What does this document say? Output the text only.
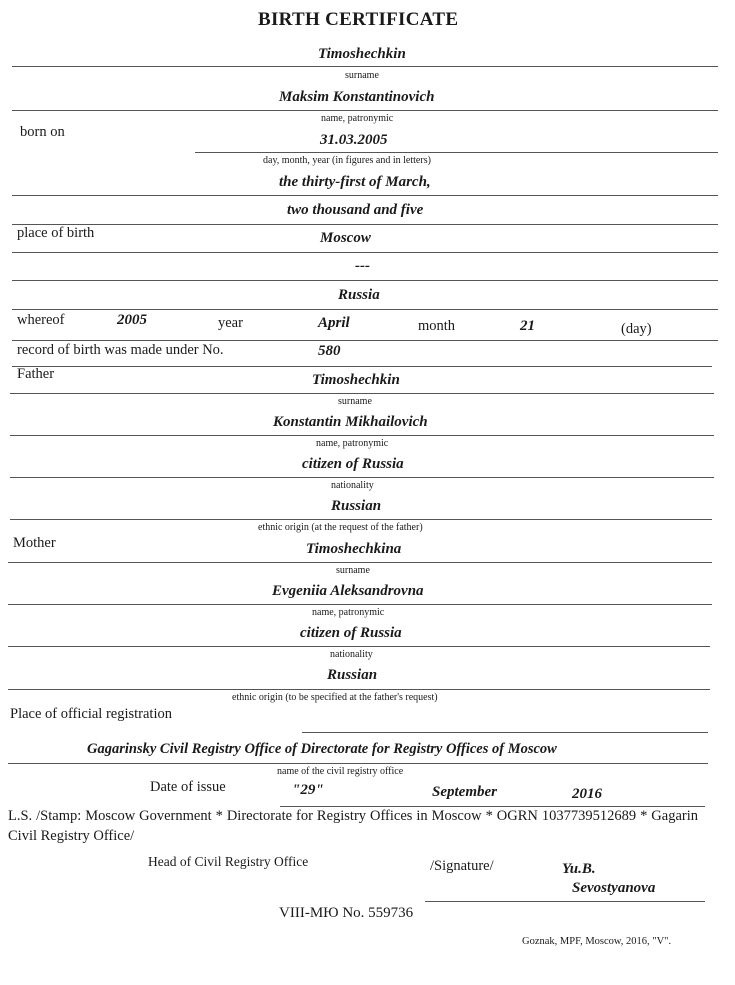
BIRTH CERTIFICATE
Timoshechkin
surname
Maksim Konstantinovich
name, patronymic
born on	31.03.2005
day, month, year (in figures and in letters)
the thirty-first of March,
two thousand and five
place of birth	Moscow
---
Russia
whereof	2005	year	April	month	21	(day)
record of birth was made under No.	580
Father	Timoshechkin
surname
Konstantin Mikhailovich
name, patronymic
citizen of Russia
nationality
Russian
ethnic origin (at the request of the father)
Mother	Timoshechkina
surname
Evgeniia Aleksandrovna
name, patronymic
citizen of Russia
nationality
Russian
ethnic origin (to be specified at the father's request)
Place of official registration
Gagarinsky Civil Registry Office of Directorate for Registry Offices of Moscow
name of the civil registry office
Date of issue	"29"	September	2016
L.S. /Stamp: Moscow Government * Directorate for Registry Offices in Moscow * OGRN 1037739512689 * Gagarin Civil Registry Office/
Head of Civil Registry Office	/Signature/	Yu.B.
Sevostyanova
VIII-МЮ No. 559736
Goznak, MPF, Moscow, 2016, "V".
